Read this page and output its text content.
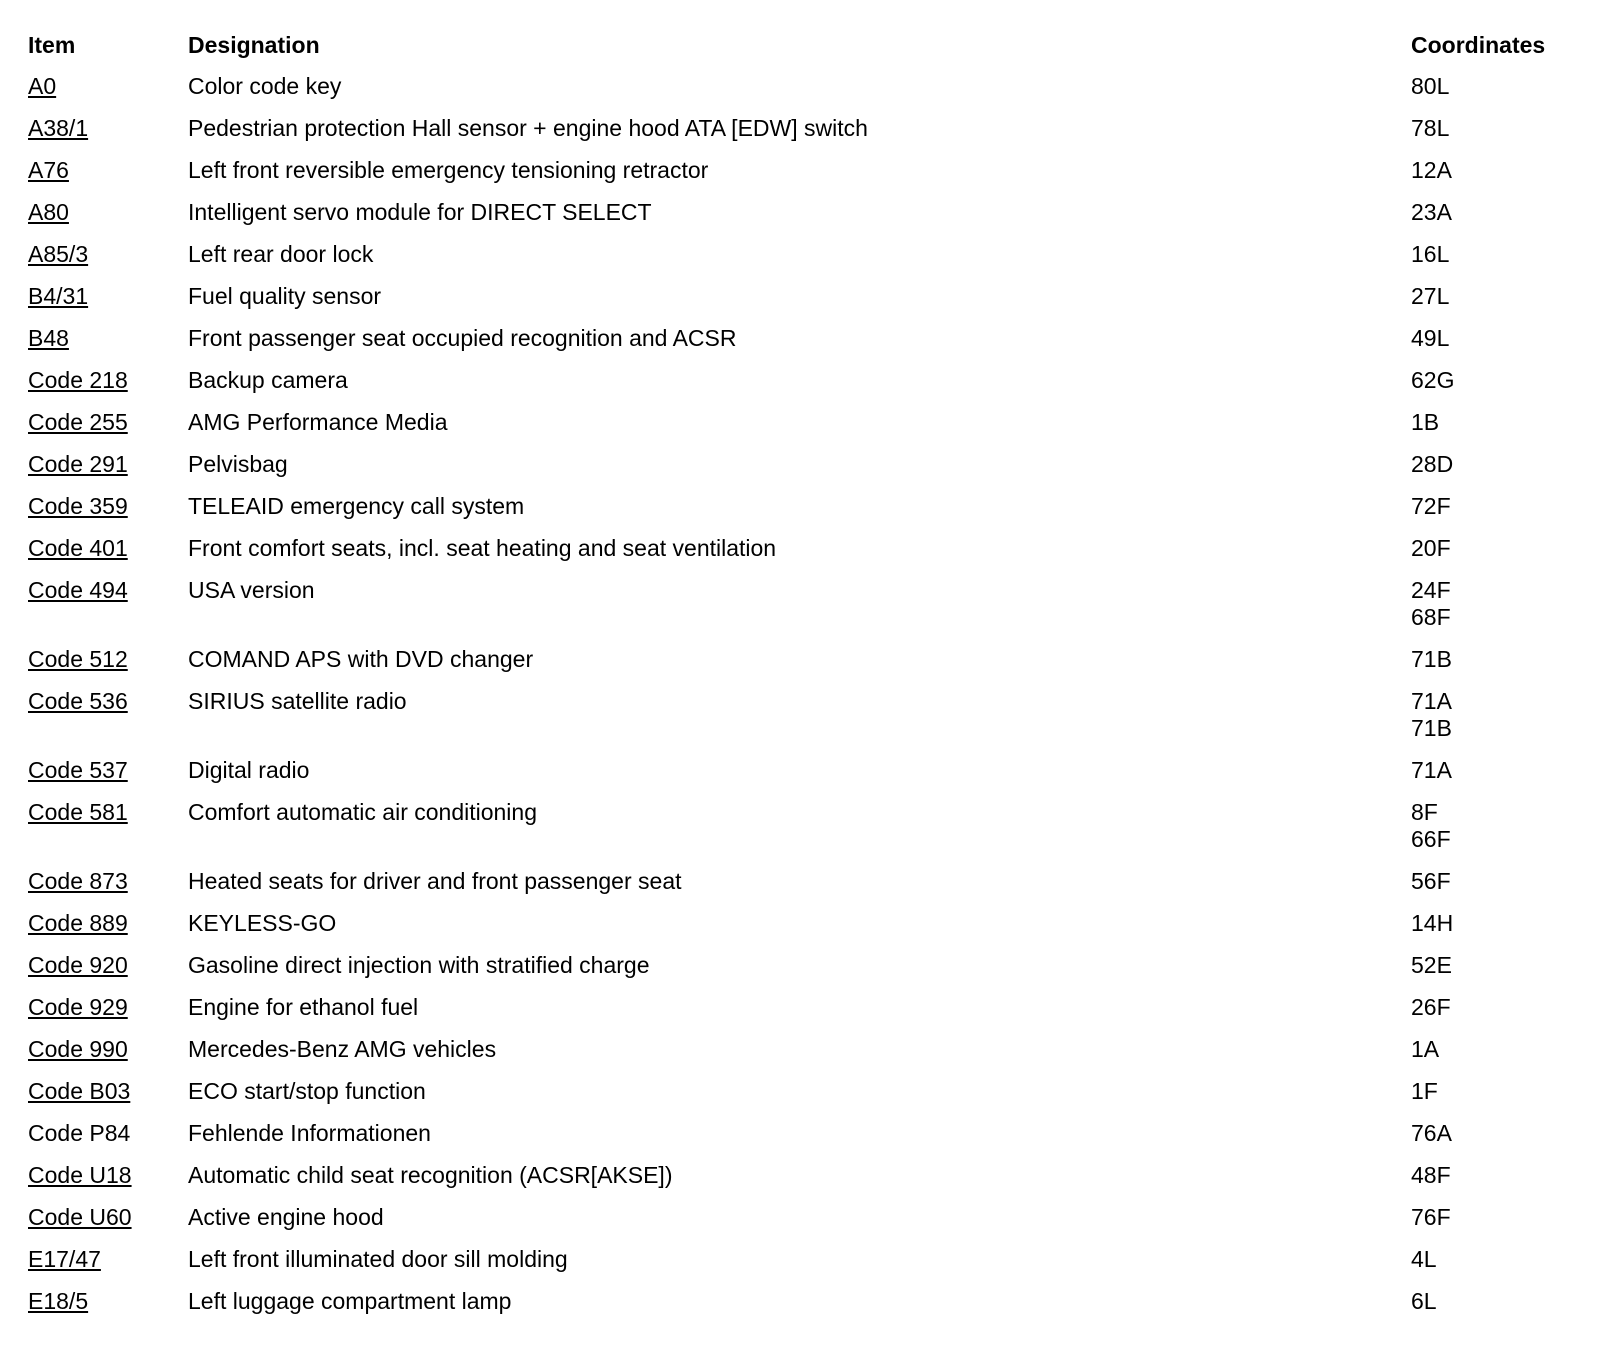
Item	Designation	Coordinates
A0	Color code key	80L

A38/1	Pedestrian protection Hall sensor + engine hood ATA [EDW] switch	78L

A76	Left front reversible emergency tensioning retractor	12A

A80	Intelligent servo module for DIRECT SELECT	23A

A85/3	Left rear door lock	16L

B4/31	Fuel quality sensor	27L

B48	Front passenger seat occupied recognition and ACSR	49L

Code 218	Backup camera	62G

Code 255	AMG Performance Media	1B

Code 291	Pelvisbag	28D

Code 359	TELEAID emergency call system	72F

Code 401	Front comfort seats, incl. seat heating and seat ventilation	20F

Code 494	USA version	24F
68F

Code 512	COMAND APS with DVD changer	71B

Code 536	SIRIUS satellite radio	71A
71B

Code 537	Digital radio	71A

Code 581	Comfort automatic air conditioning	8F
66F

Code 873	Heated seats for driver and front passenger seat	56F

Code 889	KEYLESS-GO	14H

Code 920	Gasoline direct injection with stratified charge	52E

Code 929	Engine for ethanol fuel	26F

Code 990	Mercedes-Benz AMG vehicles	1A

Code B03	ECO start/stop function	1F

Code P84	Fehlende Informationen	76A

Code U18	Automatic child seat recognition (ACSR[AKSE])	48F

Code U60	Active engine hood	76F

E17/47	Left front illuminated door sill molding	4L

E18/5	Left luggage compartment lamp	6L
